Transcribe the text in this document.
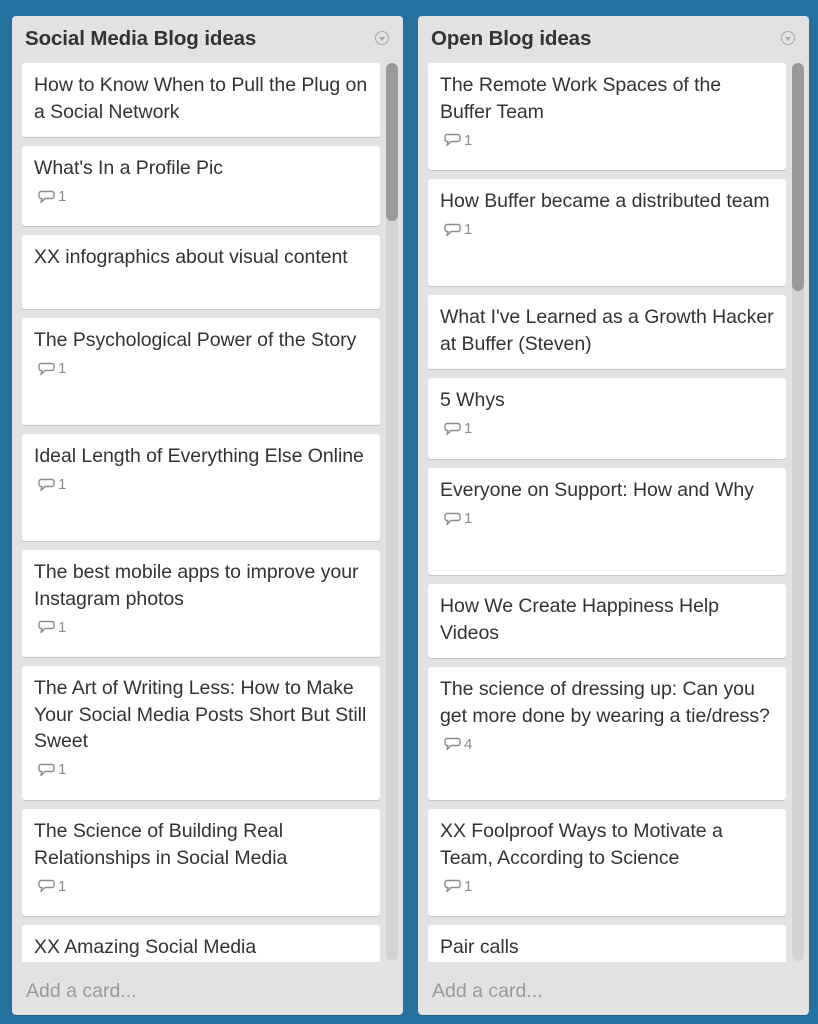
Social Media Blog ideas
How to Know When to Pull the Plug on a Social Network
What's In a Profile Pic
1
XX infographics about visual content
The Psychological Power of the Story
1
Ideal Length of Everything Else Online
1
The best mobile apps to improve your Instagram photos
1
The Art of Writing Less: How to Make Your Social Media Posts Short But Still Sweet
1
The Science of Building Real Relationships in Social Media
1
XX Amazing Social Media
Add a card...
Open Blog ideas
The Remote Work Spaces of the Buffer Team
1
How Buffer became a distributed team
1
What I've Learned as a Growth Hacker at Buffer (Steven)
5 Whys
1
Everyone on Support: How and Why
1
How We Create Happiness Help Videos
The science of dressing up: Can you get more done by wearing a tie/dress?
4
XX Foolproof Ways to Motivate a Team, According to Science
1
Pair calls
Add a card...
